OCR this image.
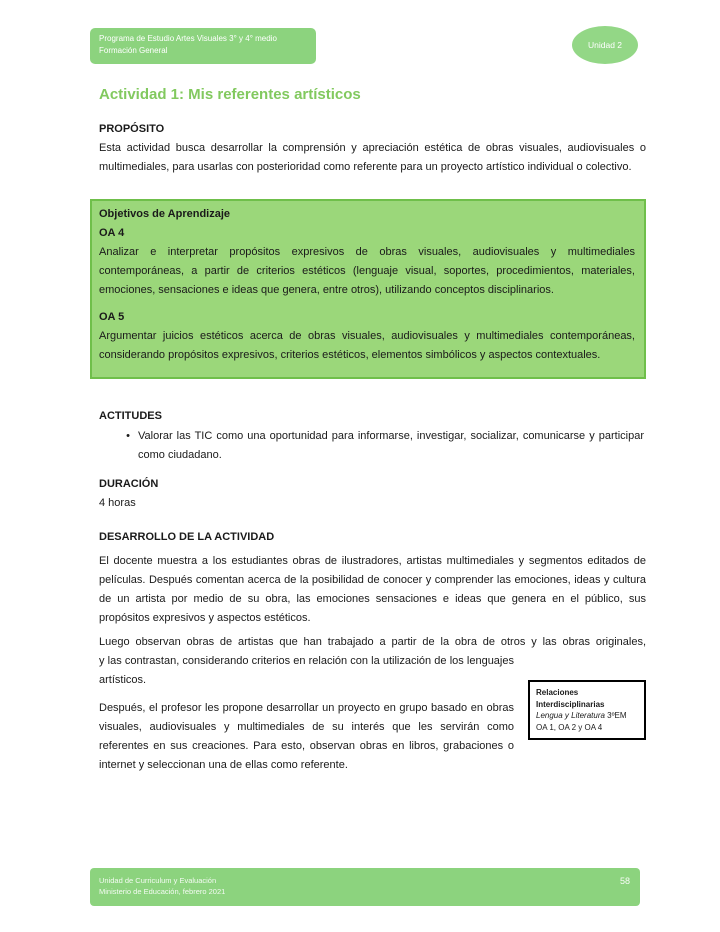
Programa de Estudio Artes Visuales 3° y 4° medio
Formación General
Unidad 2
Actividad 1: Mis referentes artísticos
PROPÓSITO
Esta actividad busca desarrollar la comprensión y apreciación estética de obras visuales, audiovisuales o multimediales, para usarlas con posterioridad como referente para un proyecto artístico individual o colectivo.
Objetivos de Aprendizaje
OA 4
Analizar e interpretar propósitos expresivos de obras visuales, audiovisuales y multimediales contemporáneas, a partir de criterios estéticos (lenguaje visual, soportes, procedimientos, materiales, emociones, sensaciones e ideas que genera, entre otros), utilizando conceptos disciplinarios.
OA 5
Argumentar juicios estéticos acerca de obras visuales, audiovisuales y multimediales contemporáneas, considerando propósitos expresivos, criterios estéticos, elementos simbólicos y aspectos contextuales.
ACTITUDES
• Valorar las TIC como una oportunidad para informarse, investigar, socializar, comunicarse y participar como ciudadano.
DURACIÓN
4 horas
DESARROLLO DE LA ACTIVIDAD
El docente muestra a los estudiantes obras de ilustradores, artistas multimediales y segmentos editados de películas. Después comentan acerca de la posibilidad de conocer y comprender las emociones, ideas y cultura de un artista por medio de su obra, las emociones sensaciones e ideas que genera en el público, sus propósitos expresivos y aspectos estéticos.
Luego observan obras de artistas que han trabajado a partir de la obra de otros y las obras originales,
Relaciones
Interdisciplinarias
Lengua y Literatura 3ºEM
OA 1, OA 2 y OA 4
y las contrastan, considerando criterios en relación con la utilización de los lenguajes artísticos.
Después, el profesor les propone desarrollar un proyecto en grupo basado en obras visuales, audiovisuales y multimediales de su interés que les servirán como referentes en sus creaciones. Para esto, observan obras en libros, grabaciones o internet y seleccionan una de ellas como referente.
Unidad de Curriculum y Evaluación
Ministerio de Educación, febrero 2021
58
